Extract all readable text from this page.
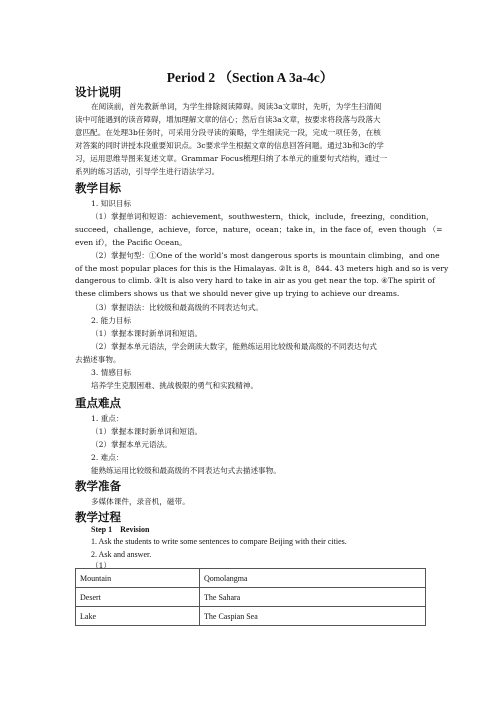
Period 2 （Section A 3a-4c）
设计说明
在阅读前，首先教新单词，为学生排除阅读障碍。阅读3a文章时，先听，为学生扫清阅
读中可能遇到的读音障碍，增加理解文章的信心；然后自读3a文章，按要求将段落与段落大
意匹配。在处理3b任务时，可采用分段寻读的策略，学生细读完一段，完成一项任务，在核
对答案的同时讲授本段重要知识点。3c要求学生根据文章的信息回答问题。通过3b和3c的学
习，运用思维导图来复述文章。Grammar Focus梳理归纳了本单元的重要句式结构，通过一
系列的练习活动，引导学生进行语法学习。
教学目标
1. 知识目标
（1）掌握单词和短语：achievement，southwestern，thick，include，freezing，condition，
succeed，challenge，achieve，force，nature，ocean；take in，in the face of，even though （=
even if），the Pacific Ocean。
（2）掌握句型：①One of the world’s most dangerous sports is mountain climbing，and one
of the most popular places for this is the Himalayas. ②It is 8，844. 43 meters high and so is very
dangerous to climb. ③It is also very hard to take in air as you get near the top. ④The spirit of
these climbers shows us that we should never give up trying to achieve our dreams.
（3）掌握语法：比较级和最高级的不同表达句式。
2. 能力目标
（1）掌握本课时新单词和短语。
（2）掌握本单元语法，学会朗读大数字，能熟练运用比较级和最高级的不同表达句式
去描述事物。
3. 情感目标
培养学生克服困难、挑战极限的勇气和实践精神。
重点难点
1. 重点：
（1）掌握本课时新单词和短语。
（2）掌握本单元语法。
2. 难点：
能熟练运用比较级和最高级的不同表达句式去描述事物。
教学准备
多媒体课件，录音机，磁带。
教学过程
Step 1　Revision
1. Ask the students to write some sentences to compare Beijing with their cities.
2. Ask and answer.
（1）
Mountain	Qomolangma
Desert	The Sahara
Lake	The Caspian Sea
